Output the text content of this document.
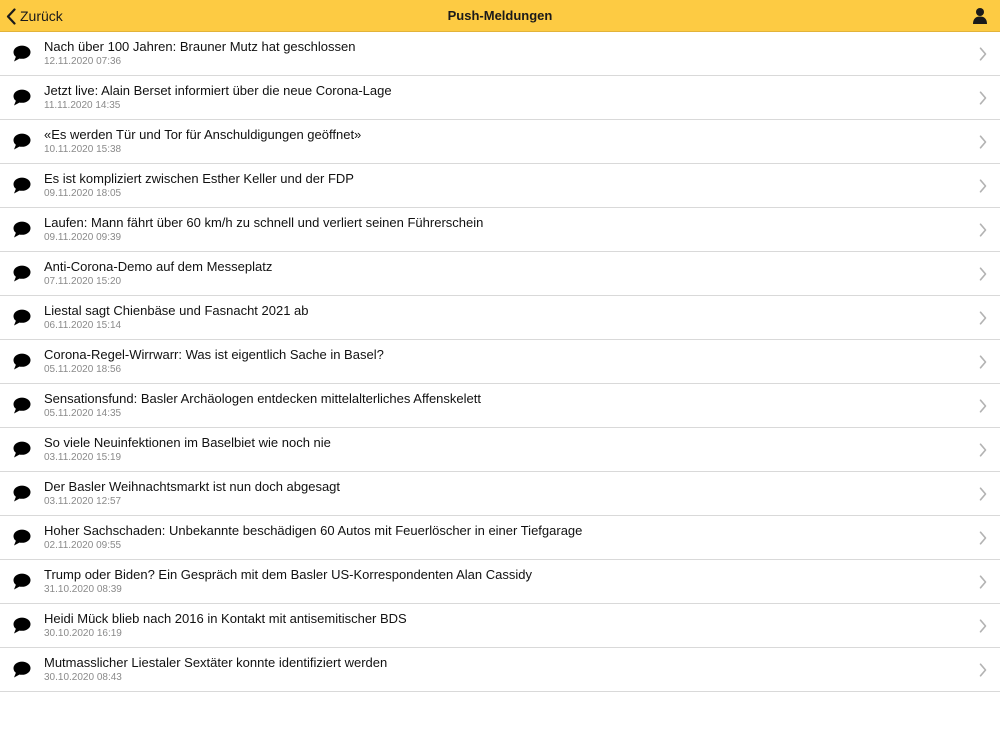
Zurück	Push-Meldungen
Nach über 100 Jahren: Brauner Mutz hat geschlossen
12.11.2020 07:36
Jetzt live: Alain Berset informiert über die neue Corona-Lage
11.11.2020 14:35
«Es werden Tür und Tor für Anschuldigungen geöffnet»
10.11.2020 15:38
Es ist kompliziert zwischen Esther Keller und der FDP
09.11.2020 18:05
Laufen: Mann fährt über 60 km/h zu schnell und verliert seinen Führerschein
09.11.2020 09:39
Anti-Corona-Demo auf dem Messeplatz
07.11.2020 15:20
Liestal sagt Chienbäse und Fasnacht 2021 ab
06.11.2020 15:14
Corona-Regel-Wirrwarr: Was ist eigentlich Sache in Basel?
05.11.2020 18:56
Sensationsfund: Basler Archäologen entdecken mittelalterliches Affenskelett
05.11.2020 14:35
So viele Neuinfektionen im Baselbiet wie noch nie
03.11.2020 15:19
Der Basler Weihnachtsmarkt ist nun doch abgesagt
03.11.2020 12:57
Hoher Sachschaden: Unbekannte beschädigen 60 Autos mit Feuerlöscher in einer Tiefgarage
02.11.2020 09:55
Trump oder Biden? Ein Gespräch mit dem Basler US-Korrespondenten Alan Cassidy
31.10.2020 08:39
Heidi Mück blieb nach 2016 in Kontakt mit antisemitischer BDS
30.10.2020 16:19
Mutmasslicher Liestaler Sextäter konnte identifiziert werden
30.10.2020 08:43
